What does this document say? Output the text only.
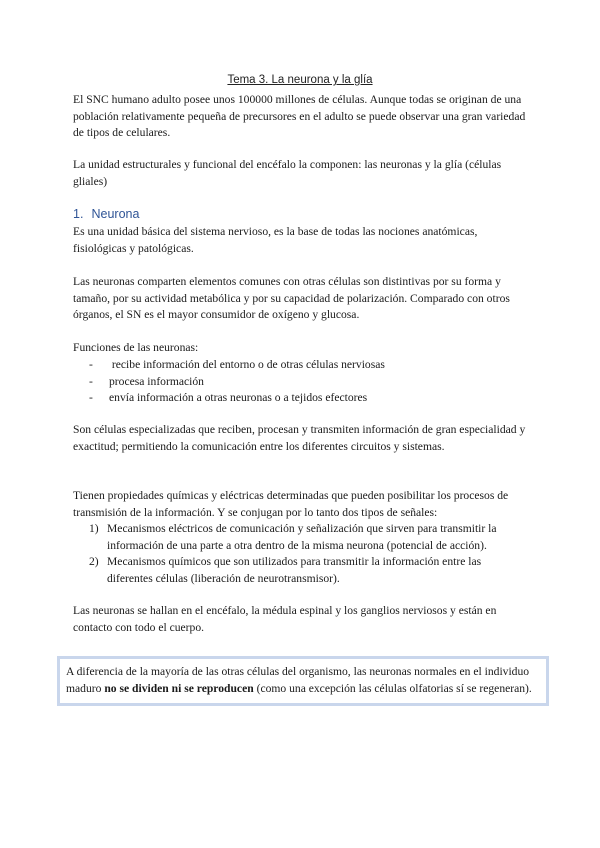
Tema 3. La neurona y la glía

El SNC humano adulto posee unos 100000 millones de células. Aunque todas se originan de una población relativamente pequeña de precursores en el adulto se puede observar una gran variedad de tipos de celulares.

La unidad estructurales y funcional del encéfalo la componen: las neuronas y la glía (células gliales)

1. Neurona

Es una unidad básica del sistema nervioso, es la base de todas las nociones anatómicas, fisiológicas y patológicas.

Las neuronas comparten elementos comunes con otras células son distintivas por su forma y tamaño, por su actividad metabólica y por su capacidad de polarización. Comparado con otros órganos, el SN es el mayor consumidor de oxígeno y glucosa.

Funciones de las neuronas:

- recibe información del entorno o de otras células nerviosas
- procesa información
- envía información a otras neuronas o a tejidos efectores

Son células especializadas que reciben, procesan y transmiten información de gran especialidad y exactitud; permitiendo la comunicación entre los diferentes circuitos y sistemas.

Tienen propiedades químicas y eléctricas determinadas que pueden posibilitar los procesos de transmisión de la información. Y se conjugan por lo tanto dos tipos de señales:

1) Mecanismos eléctricos de comunicación y señalización que sirven para transmitir la información de una parte a otra dentro de la misma neurona (potencial de acción).
2) Mecanismos químicos que son utilizados para transmitir la información entre las diferentes células (liberación de neurotransmisor).

Las neuronas se hallan en el encéfalo, la médula espinal y los ganglios nerviosos y están en contacto con todo el cuerpo.

A diferencia de la mayoría de las otras células del organismo, las neuronas normales en el individuo maduro no se dividen ni se reproducen (como una excepción las células olfatorias sí se regeneran).
